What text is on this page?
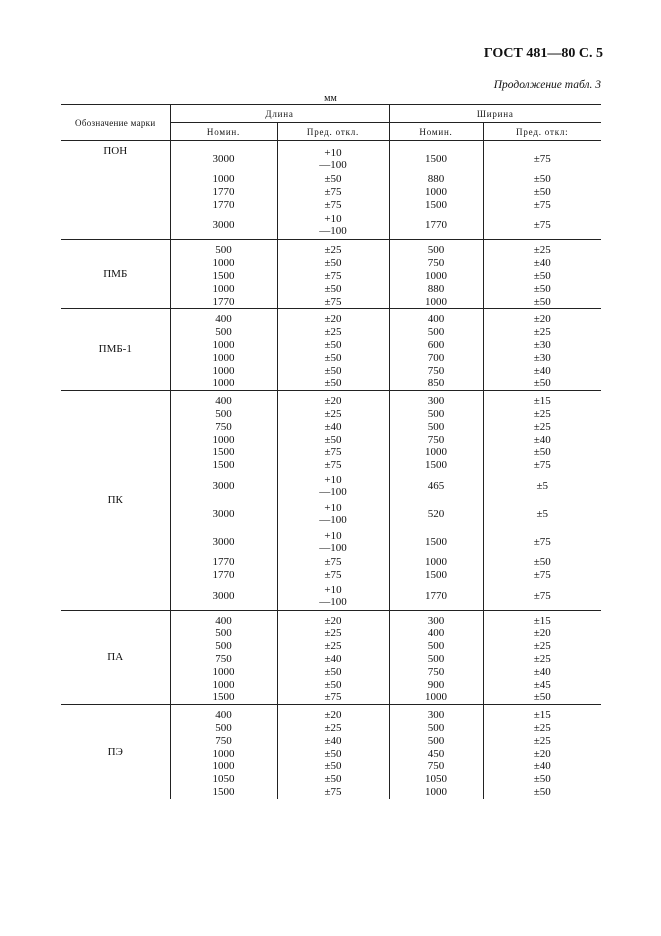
ГОСТ 481—80 С. 5
Продолжение табл. 3
мм
Обозначение марки	Длина		Ширина	
	Номин.	Пред. откл.	Номин.	Пред. откл:
ПОН	3000	+10
—100	1500	±75
	1000	±50	880	±50
	1770	±75	1000	±50
	1770	±75	1500	±75
	3000	+10
—100	1770	±75
ПМБ	500	±25	500	±25
	1000	±50	750	±40
	1500	±75	1000	±50
	1000	±50	880	±50
	1770	±75	1000	±50
ПМБ-1	400	±20	400	±20
	500	±25	500	±25
	1000	±50	600	±30
	1000	±50	700	±30
	1000	±50	750	±40
	1000	±50	850	±50
ПК	400	±20	300	±15
	500	±25	500	±25
	750	±40	500	±25
	1000	±50	750	±40
	1500	±75	1000	±50
	1500	±75	1500	±75
	3000	+10
—100	465	±5
	3000	+10
—100	520	±5
	3000	+10
—100	1500	±75
	1770	±75	1000	±50
	1770	±75	1500	±75
	3000	+10
—100	1770	±75
ПА	400	±20	300	±15
	500	±25	400	±20
	500	±25	500	±25
	750	±40	500	±25
	1000	±50	750	±40
	1000	±50	900	±45
	1500	±75	1000	±50
ПЭ	400	±20	300	±15
	500	±25	500	±25
	750	±40	500	±25
	1000	±50	450	±20
	1000	±50	750	±40
	1050	±50	1050	±50
	1500	±75	1000	±50
